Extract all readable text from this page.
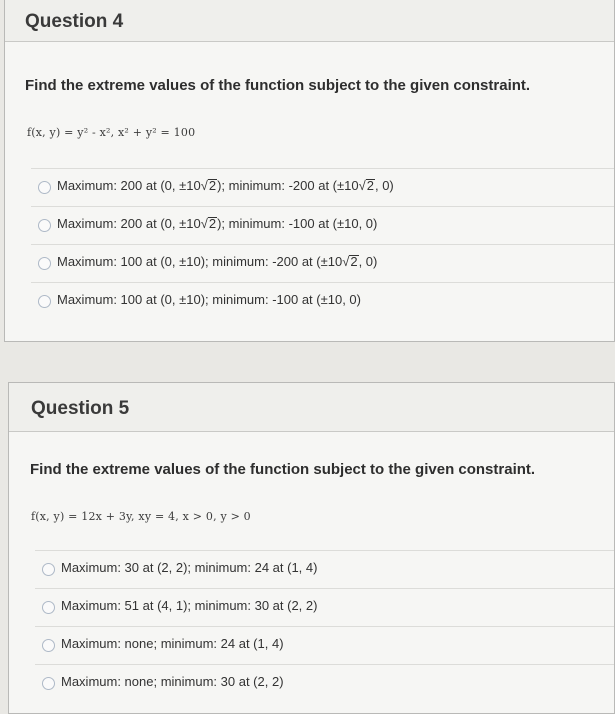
Question 4
Find the extreme values of the function subject to the given constraint.
f(x, y) = y² - x², x² + y² = 100
Maximum: 200 at (0, ±10√2); minimum: -200 at (±10√2, 0)
Maximum: 200 at (0, ±10√2); minimum: -100 at (±10, 0)
Maximum: 100 at (0, ±10); minimum: -200 at (±10√2, 0)
Maximum: 100 at (0, ±10); minimum: -100 at (±10, 0)
Question 5
Find the extreme values of the function subject to the given constraint.
f(x, y) = 12x + 3y, xy = 4, x > 0, y > 0
Maximum: 30 at (2, 2); minimum: 24 at (1, 4)
Maximum: 51 at (4, 1); minimum: 30 at (2, 2)
Maximum: none; minimum: 24 at (1, 4)
Maximum: none; minimum: 30 at (2, 2)
